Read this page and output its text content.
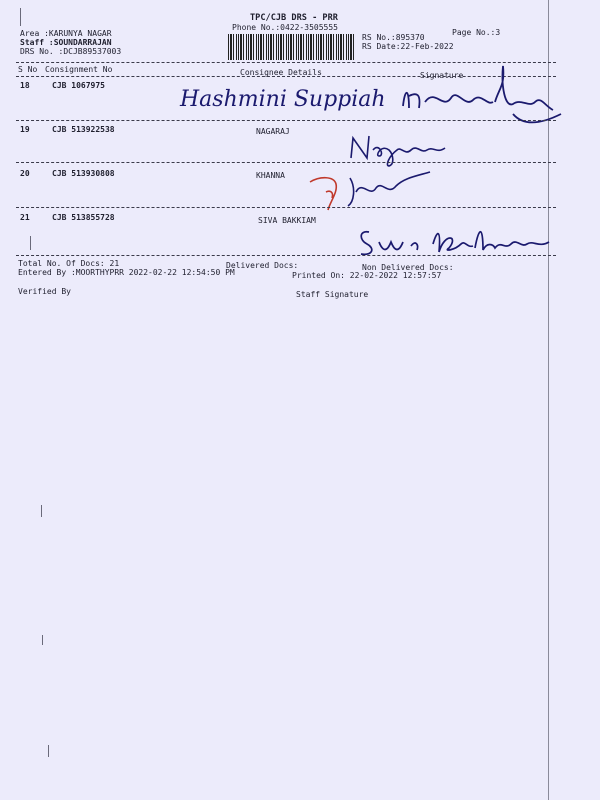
TPC/CJB DRS - PRR
Phone No.:0422-3505555
Area :KARUNYA NAGAR
Staff :SOUNDARRAJAN
DRS No. :DCJB89537003
RS No.:895370
RS Date:22-Feb-2022
Page No.:3
S No Consignment No	Consignee Details	Signature
18	CJB 1067975
Hashmini Suppiah
19	CJB 513922538	NAGARAJ
20	CJB 513930808	KHANNA
21	CJB 513855728	SIVA BAKKIAM
Total No. Of Docs: 21	Delivered Docs:	Non Delivered Docs:
Entered By :MOORTHYPRR 2022-02-22 12:54:50 PM	Printed On: 22-02-2022 12:57:57
Verified By	Staff Signature
